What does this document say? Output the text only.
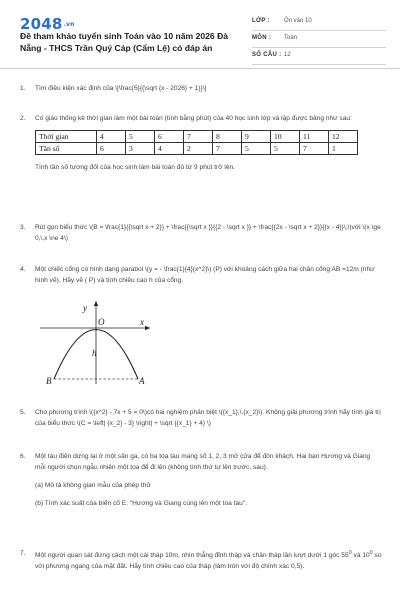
2048.vn
Đề tham khảo tuyển sinh Toán vào 10 năm 2026 Đà Nẵng - THCS Trần Quý Cáp (Cẩm Lệ) có đáp án
LỚP : Ôn vào 10
MÔN : Toán
SỐ CÂU : 12
1. Tìm điều kiện xác định của \[\frac{5}{{\sqrt {x - 2026} + 1}}\]

2. Có giáo thống kê thời gian làm một bài toán (tính bằng phút) của 40 học sinh lớp và lập được bảng như sau:

Thời gian	4	5	6	7	8	9	10	11	12
Tần số	6	3	4	2	7	5	5	7	1

Tính tần số tương đối của học sinh làm bài toán đó từ 9 phút trở lên.

3. Rút gọn biểu thức \(B = \frac{1}{{\sqrt x + 2}} + \frac{{\sqrt x }}{{2 - \sqrt x }} + \frac{{2x - \sqrt x + 2}}{{x - 4}}\,\)với \(x \ge 0,\,x \ne 4\)

4. Một chiếc cổng có hình dạng parabol \(y = - \frac{1}{4}{x^2}\) (P) với khoảng cách giữa hai chân cổng AB =12m (như hình vẽ). Hãy vẽ ( P) và tính chiều cao h của cổng.

y
O	x
h
B	A
5. Cho phương trình \({x^2} - 7x + 5 = 0\)có hai nghiệm phân biệt \({x_1},\,{x_2}\). Không giải phương trình hãy tính giá trị của biểu thức \(C = \left| {x_2} - 3} \right| + \sqrt {{x_1} + 4} \)

6. Một tàu điện dừng lại ở một sân ga, có ba toa tàu mang số 1, 2, 3 mở cửa để đón khách. Hai bạn Hương và Giang mỗi người chọn ngẫu nhiên một toa để đi lên (không tính thứ tự lên trước, sau).

(a) Mô tả không gian mẫu của phép thử

(b) Tính xác suất của biến cố E: "Hương và Giang cùng lên một toa tàu".

7. Một người quan sát đứng cách một cái tháp 10m, nhìn thẳng đỉnh tháp và chân tháp lần lượt dưới 1 góc $55^0$ và $10^0$ so với phương ngang của mặt đất. Hãy tính chiều cao của tháp (làm tròn với độ chính xác 0,5).
